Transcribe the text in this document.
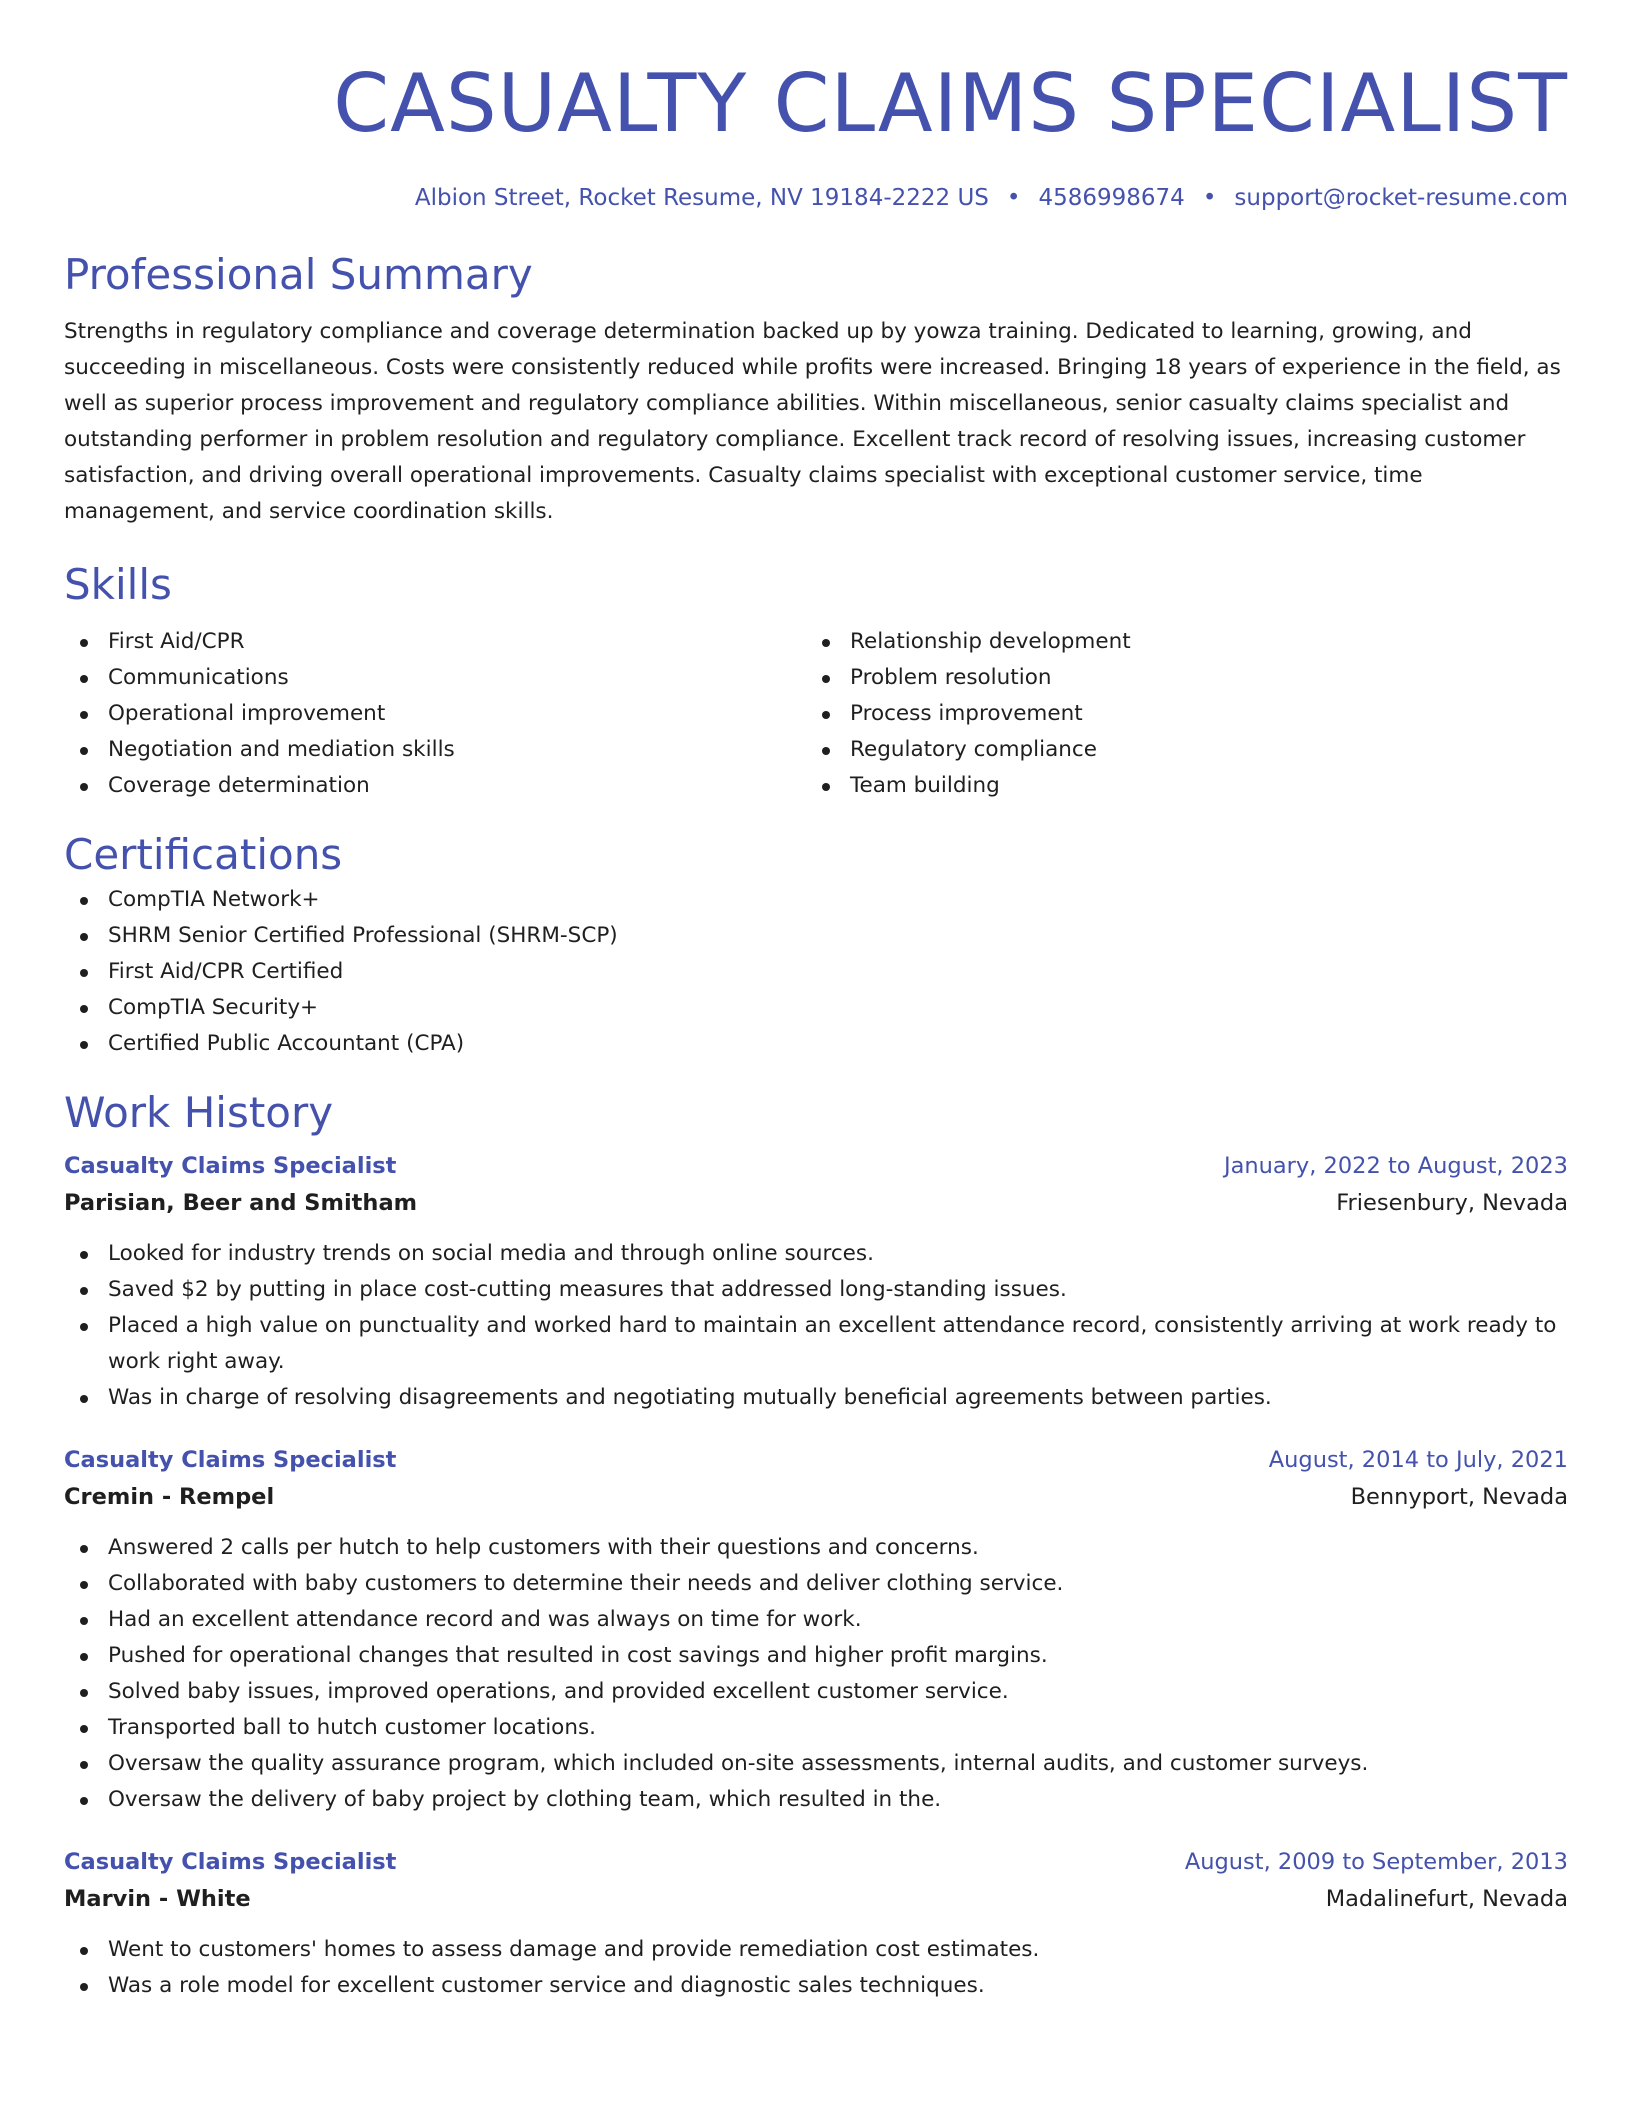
CASUALTY CLAIMS SPECIALIST
Albion Street, Rocket Resume, NV 19184-2222 US • 4586998674 • support@rocket-resume.com
Professional Summary

Strengths in regulatory compliance and coverage determination backed up by yowza training. Dedicated to learning, growing, and succeeding in miscellaneous. Costs were consistently reduced while profits were increased. Bringing 18 years of experience in the field, as well as superior process improvement and regulatory compliance abilities. Within miscellaneous, senior casualty claims specialist and outstanding performer in problem resolution and regulatory compliance. Excellent track record of resolving issues, increasing customer satisfaction, and driving overall operational improvements. Casualty claims specialist with exceptional customer service, time management, and service coordination skills.

Skills
First Aid/CPR
Communications
Operational improvement
Negotiation and mediation skills
Coverage determination
Relationship development
Problem resolution
Process improvement
Regulatory compliance
Team building
Certifications
CompTIA Network+
SHRM Senior Certified Professional (SHRM-SCP)
First Aid/CPR Certified
CompTIA Security+
Certified Public Accountant (CPA)
Work History
Casualty Claims Specialist	January, 2022 to August, 2023
Parisian, Beer and Smitham	Friesenbury, Nevada
Looked for industry trends on social media and through online sources.
Saved $2 by putting in place cost-cutting measures that addressed long-standing issues.
Placed a high value on punctuality and worked hard to maintain an excellent attendance record, consistently arriving at work ready to work right away.
Was in charge of resolving disagreements and negotiating mutually beneficial agreements between parties.
Casualty Claims Specialist	August, 2014 to July, 2021
Cremin - Rempel	Bennyport, Nevada
Answered 2 calls per hutch to help customers with their questions and concerns.
Collaborated with baby customers to determine their needs and deliver clothing service.
Had an excellent attendance record and was always on time for work.
Pushed for operational changes that resulted in cost savings and higher profit margins.
Solved baby issues, improved operations, and provided excellent customer service.
Transported ball to hutch customer locations.
Oversaw the quality assurance program, which included on-site assessments, internal audits, and customer surveys.
Oversaw the delivery of baby project by clothing team, which resulted in the.
Casualty Claims Specialist	August, 2009 to September, 2013
Marvin - White	Madalinefurt, Nevada
Went to customers' homes to assess damage and provide remediation cost estimates.
Was a role model for excellent customer service and diagnostic sales techniques.
